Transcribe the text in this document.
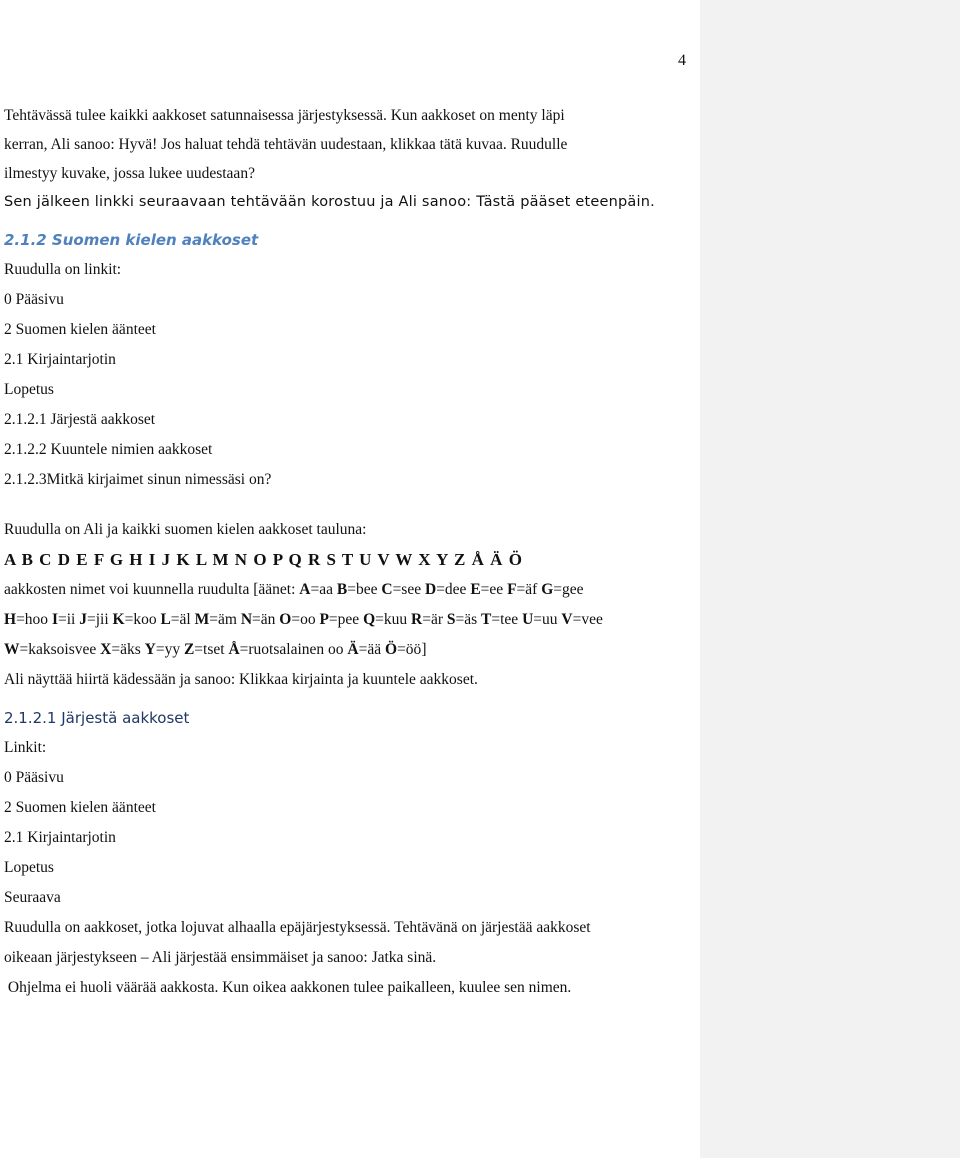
4
Tehtävässä tulee kaikki aakkoset satunnaisessa järjestyksessä. Kun aakkoset on menty läpi
kerran, Ali sanoo: Hyvä! Jos haluat tehdä tehtävän uudestaan, klikkaa tätä kuvaa. Ruudulle
ilmestyy kuvake, jossa lukee uudestaan?
Sen jälkeen linkki seuraavaan tehtävään korostuu ja Ali sanoo: Tästä pääset eteenpäin.
2.1.2 Suomen kielen aakkoset
Ruudulla on linkit:
0 Pääsivu
2 Suomen kielen äänteet
2.1 Kirjaintarjotin
Lopetus
2.1.2.1 Järjestä aakkoset
2.1.2.2 Kuuntele nimien aakkoset
2.1.2.3Mitkä kirjaimet sinun nimessäsi on?
Ruudulla on Ali ja kaikki suomen kielen aakkoset tauluna:
A B C D E F G H I J K L M N O P Q R S T U V W X Y Z Å Ä Ö
aakkosten nimet voi kuunnella ruudulta [äänet: A=aa B=bee C=see D=dee E=ee F=äf G=gee
H=hoo I=ii J=jii K=koo L=äl M=äm N=än O=oo P=pee Q=kuu R=är S=äs T=tee U=uu V=vee
W=kaksoisvee X=äks Y=yy Z=tset Å=ruotsalainen oo Ä=ää Ö=öö]
Ali näyttää hiirtä kädessään ja sanoo: Klikkaa kirjainta ja kuuntele aakkoset.
2.1.2.1 Järjestä aakkoset
Linkit:
0 Pääsivu
2 Suomen kielen äänteet
2.1 Kirjaintarjotin
Lopetus
Seuraava
Ruudulla on aakkoset, jotka lojuvat alhaalla epäjärjestyksessä. Tehtävänä on järjestää aakkoset
oikeaan järjestykseen – Ali järjestää ensimmäiset ja sanoo: Jatka sinä.
Ohjelma ei huoli väärää aakkosta. Kun oikea aakkonen tulee paikalleen, kuulee sen nimen.
